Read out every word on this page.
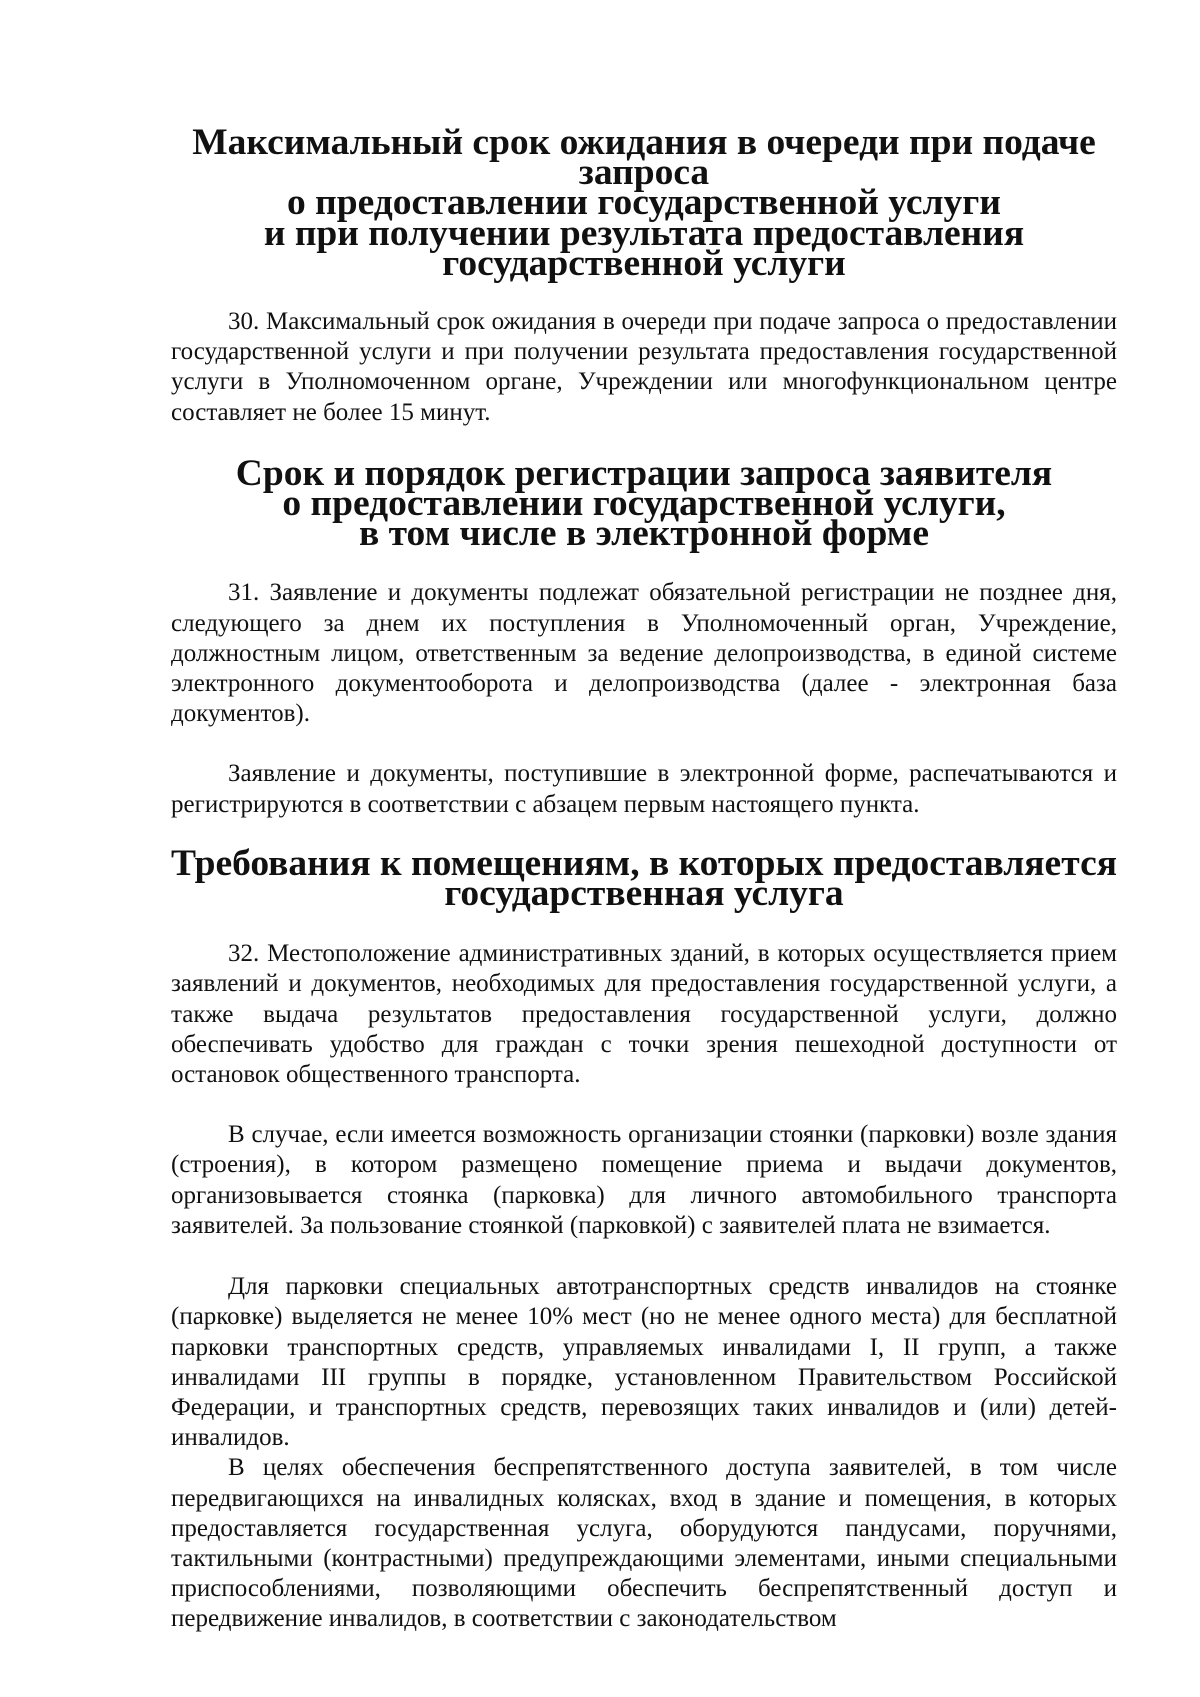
Максимальный срок ожидания в очереди при подаче запроса
о предоставлении государственной услуги
и при получении результата предоставления государственной услуги

30. Максимальный срок ожидания в очереди при подаче запроса о предоставлении государственной услуги и при получении результата предоставления государственной услуги в Уполномоченном органе, Учреждении или многофункциональном центре составляет не более 15 минут.

Срок и порядок регистрации запроса заявителя
о предоставлении государственной услуги,
в том числе в электронной форме

31. Заявление и документы подлежат обязательной регистрации не позднее дня, следующего за днем их поступления в Уполномоченный орган, Учреждение, должностным лицом, ответственным за ведение делопроизводства, в единой системе электронного документооборота и делопроизводства (далее - электронная база документов).

Заявление и документы, поступившие в электронной форме, распечатываются и регистрируются в соответствии с абзацем первым настоящего пункта.

Требования к помещениям, в которых предоставляется
государственная услуга

32. Местоположение административных зданий, в которых осуществляется прием заявлений и документов, необходимых для предоставления государственной услуги, а также выдача результатов предоставления государственной услуги, должно обеспечивать удобство для граждан с точки зрения пешеходной доступности от остановок общественного транспорта.

В случае, если имеется возможность организации стоянки (парковки) возле здания (строения), в котором размещено помещение приема и выдачи документов, организовывается стоянка (парковка) для личного автомобильного транспорта заявителей. За пользование стоянкой (парковкой) с заявителей плата не взимается.

Для парковки специальных автотранспортных средств инвалидов на стоянке (парковке) выделяется не менее 10% мест (но не менее одного места) для бесплатной парковки транспортных средств, управляемых инвалидами I, II групп, а также инвалидами III группы в порядке, установленном Правительством Российской Федерации, и транспортных средств, перевозящих таких инвалидов и (или) детей-инвалидов.

В целях обеспечения беспрепятственного доступа заявителей, в том числе передвигающихся на инвалидных колясках, вход в здание и помещения, в которых предоставляется государственная услуга, оборудуются пандусами, поручнями, тактильными (контрастными) предупреждающими элементами, иными специальными приспособлениями, позволяющими обеспечить беспрепятственный доступ и передвижение инвалидов, в соответствии с законодательством
